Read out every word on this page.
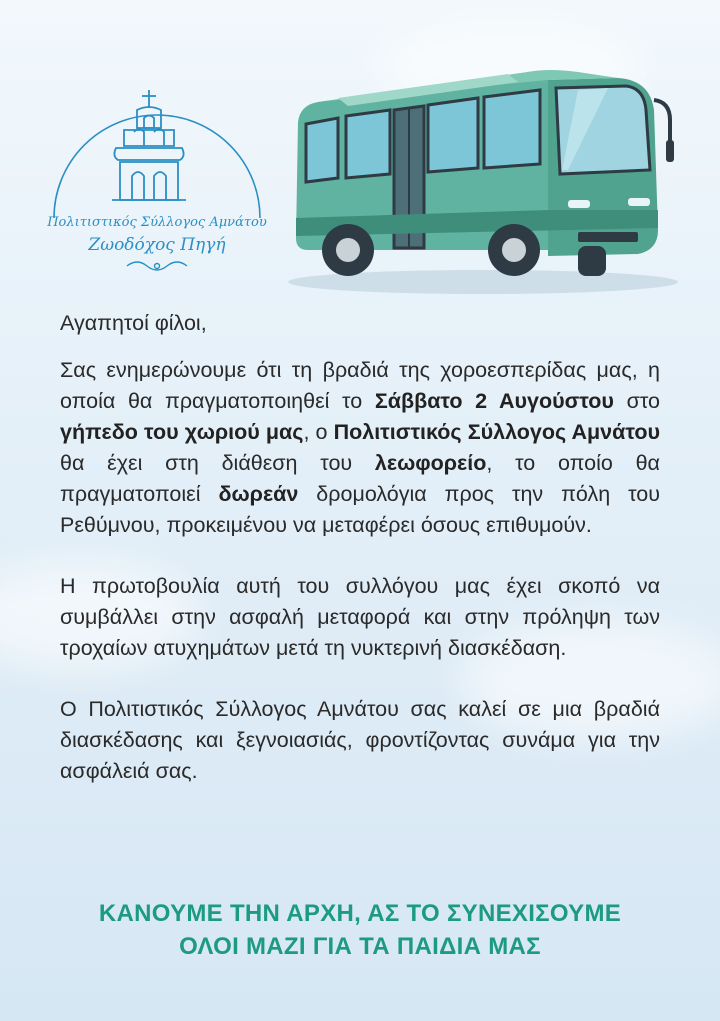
Πολιτιστικός Σύλλογος Αμνάτου
Ζωοδόχος Πηγή

Αγαπητοί φίλοι,

Σας ενημερώνουμε ότι τη βραδιά της χοροεσπερίδας μας, η οποία θα πραγματοποιηθεί το Σάββατο 2 Αυγούστου στο γήπεδο του χωριού μας, ο Πολιτιστικός Σύλλογος Αμνάτου θα έχει στη διάθεση του λεωφορείο, το οποίο θα πραγματοποιεί δωρεάν δρομολόγια προς την πόλη του Ρεθύμνου, προκειμένου να μεταφέρει όσους επιθυμούν.

Η πρωτοβουλία αυτή του συλλόγου μας έχει σκοπό να συμβάλλει στην ασφαλή μεταφορά και στην πρόληψη των τροχαίων ατυχημάτων μετά τη νυκτερινή διασκέδαση.

Ο Πολιτιστικός Σύλλογος Αμνάτου σας καλεί σε μια βραδιά διασκέδασης και ξεγνοιασιάς, φροντίζοντας συνάμα για την ασφάλειά σας.

ΚΑΝΟΥΜΕ ΤΗΝ ΑΡΧΗ, ΑΣ ΤΟ ΣΥΝΕΧΙΣΟΥΜΕ
ΟΛΟΙ ΜΑΖΙ ΓΙΑ ΤΑ ΠΑΙΔΙΑ ΜΑΣ
